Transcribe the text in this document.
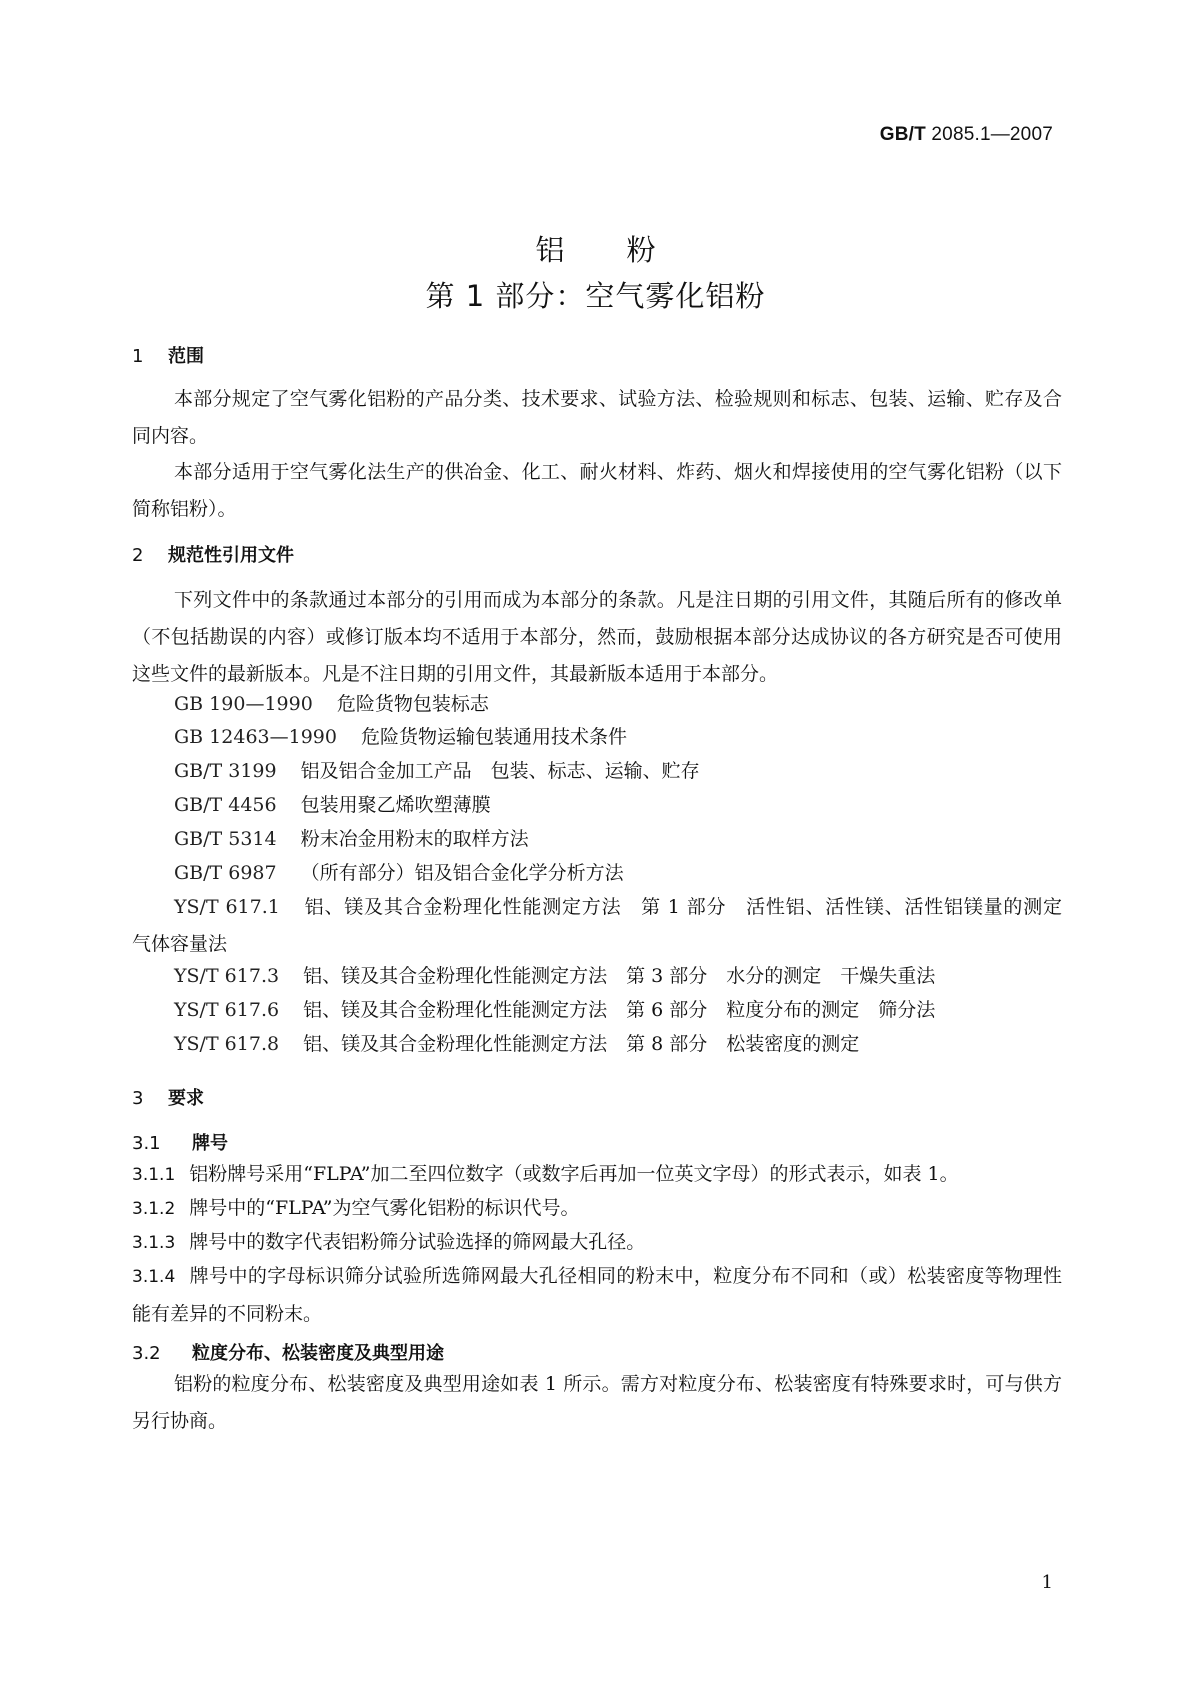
GB/T 2085.1—2007
铝粉
第 1 部分：空气雾化铝粉
1 范围
本部分规定了空气雾化铝粉的产品分类、技术要求、试验方法、检验规则和标志、包装、运输、贮存及合同内容。
本部分适用于空气雾化法生产的供冶金、化工、耐火材料、炸药、烟火和焊接使用的空气雾化铝粉（以下简称铝粉）。
2 规范性引用文件
下列文件中的条款通过本部分的引用而成为本部分的条款。凡是注日期的引用文件，其随后所有的修改单（不包括勘误的内容）或修订版本均不适用于本部分，然而，鼓励根据本部分达成协议的各方研究是否可使用这些文件的最新版本。凡是不注日期的引用文件，其最新版本适用于本部分。
GB 190—1990 危险货物包装标志
GB 12463—1990 危险货物运输包装通用技术条件
GB/T 3199 铝及铝合金加工产品　包装、标志、运输、贮存
GB/T 4456 包装用聚乙烯吹塑薄膜
GB/T 5314 粉末冶金用粉末的取样方法
GB/T 6987 （所有部分）铝及铝合金化学分析方法
YS/T 617.1 铝、镁及其合金粉理化性能测定方法　第 1 部分　活性铝、活性镁、活性铝镁量的测定　气体容量法
YS/T 617.3 铝、镁及其合金粉理化性能测定方法　第 3 部分　水分的测定　干燥失重法
YS/T 617.6 铝、镁及其合金粉理化性能测定方法　第 6 部分　粒度分布的测定　筛分法
YS/T 617.8 铝、镁及其合金粉理化性能测定方法　第 8 部分　松装密度的测定
3 要求
3.1 牌号
3.1.1 铝粉牌号采用“FLPA”加二至四位数字（或数字后再加一位英文字母）的形式表示，如表 1。
3.1.2 牌号中的“FLPA”为空气雾化铝粉的标识代号。
3.1.3 牌号中的数字代表铝粉筛分试验选择的筛网最大孔径。
3.1.4 牌号中的字母标识筛分试验所选筛网最大孔径相同的粉末中，粒度分布不同和（或）松装密度等物理性能有差异的不同粉末。
3.2 粒度分布、松装密度及典型用途
铝粉的粒度分布、松装密度及典型用途如表 1 所示。需方对粒度分布、松装密度有特殊要求时，可与供方另行协商。
1
